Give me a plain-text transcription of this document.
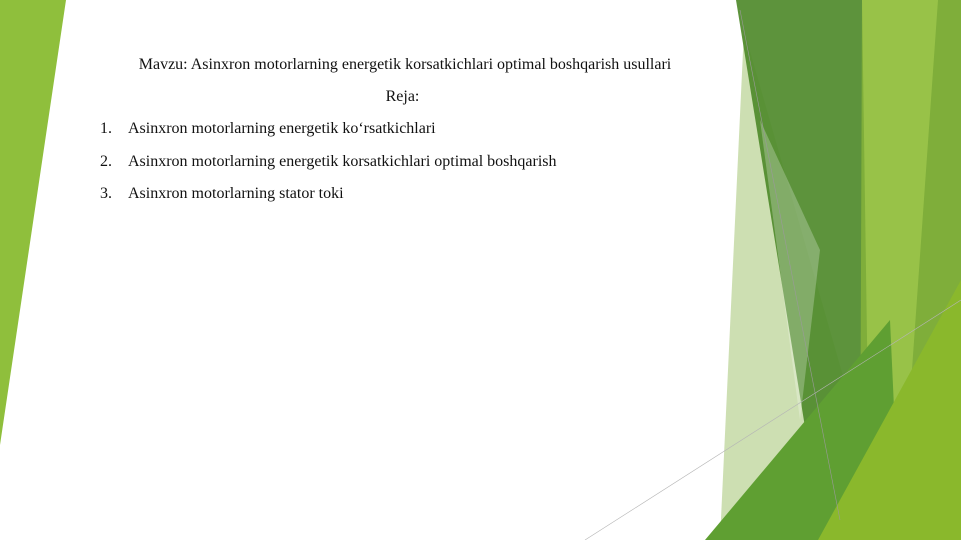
Mavzu: Asinxron motorlarning energetik korsatkichlari optimal boshqarish usullari
Reja:
1.	Asinxron motorlarning energetik ko‘rsatkichlari
2.	Asinxron motorlarning energetik korsatkichlari optimal boshqarish
3.	Asinxron motorlarning stator toki
